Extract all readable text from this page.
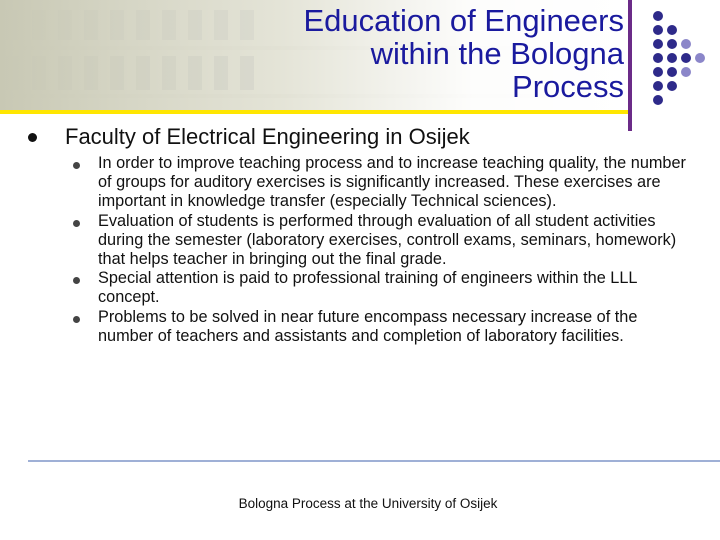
Education of Engineers
within the Bologna
Process
Faculty of Electrical Engineering in Osijek
In order to improve teaching process and to increase teaching quality, the number of groups for auditory exercises is significantly increased. These exercises are important in knowledge transfer (especially Technical sciences).
Evaluation of students is performed through evaluation of all student activities during the semester (laboratory exercises, controll exams, seminars, homework) that helps teacher in bringing out the final grade.
Special attention is paid to professional training of engineers within the LLL concept.
Problems to be solved in near future encompass necessary increase of the number of teachers and assistants and completion of laboratory facilities.
Bologna Process at the University of Osijek
